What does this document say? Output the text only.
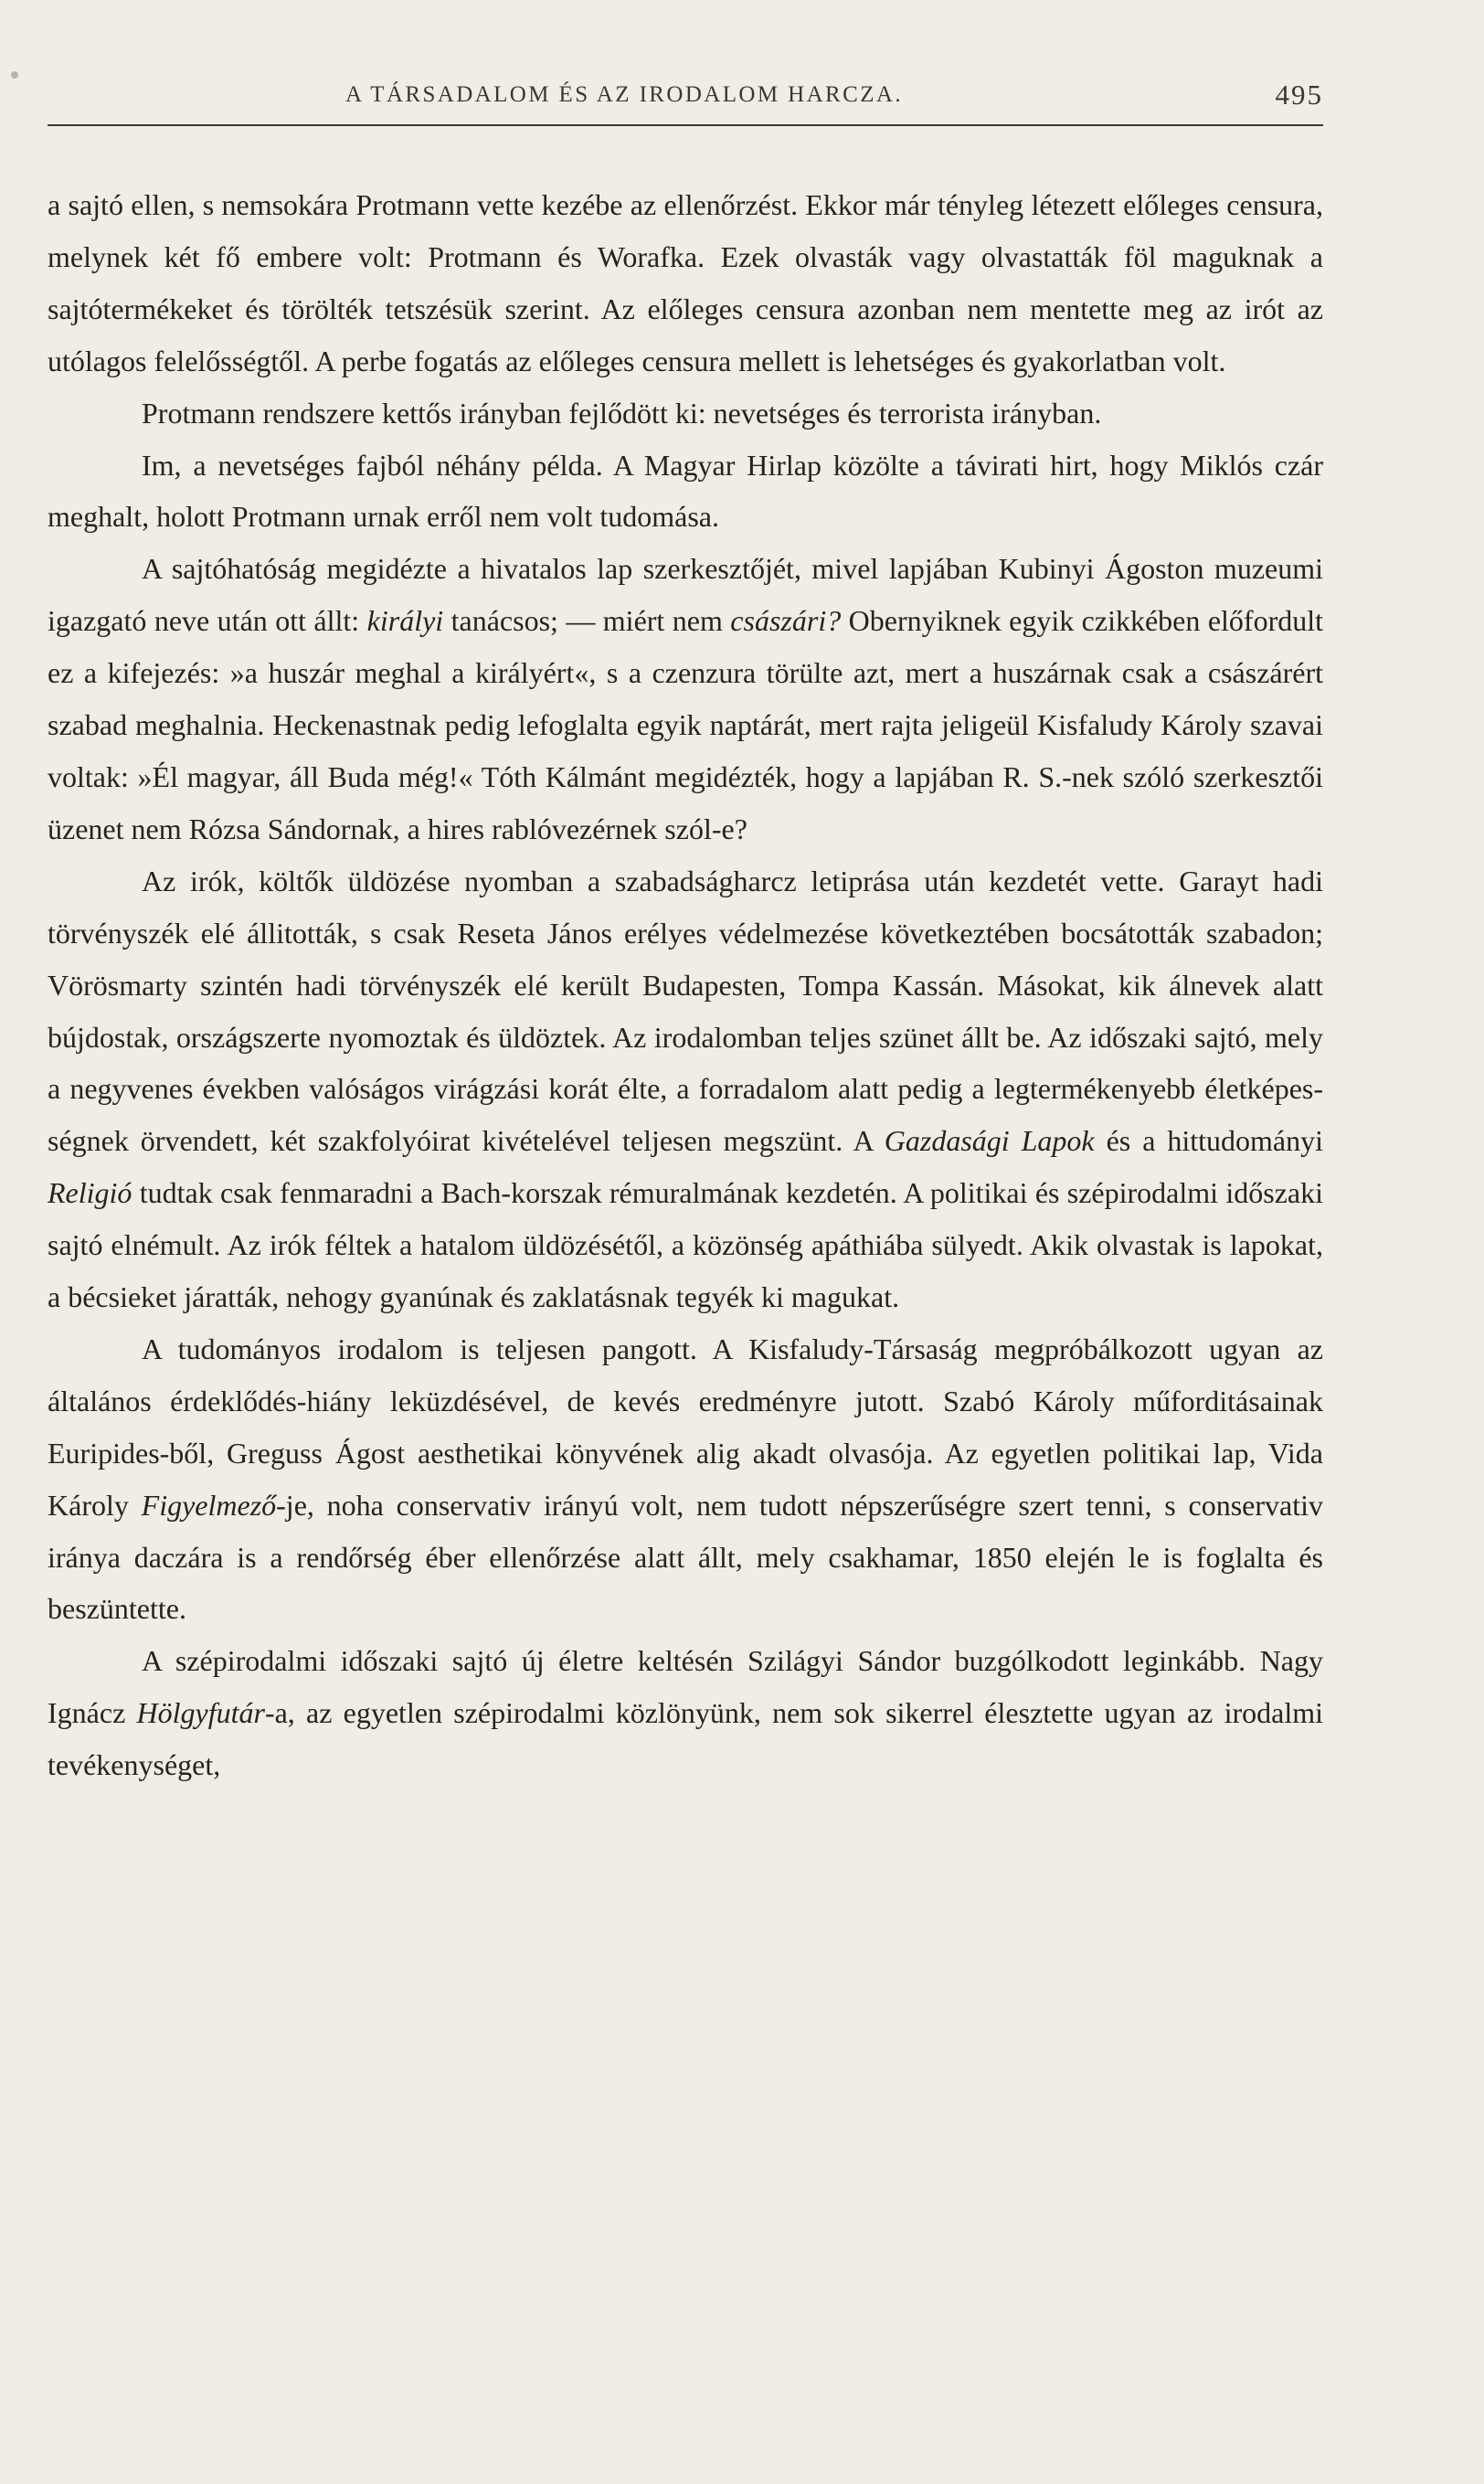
A TÁRSADALOM ÉS AZ IRODALOM HARCZA.	495

a sajtó ellen, s nemsokára Protmann vette kezébe az ellenőrzést. Ekkor már tényleg létezett előleges censura, melynek két fő embere volt: Protmann és Worafka. Ezek olvasták vagy olvastatták föl maguknak a sajtótermékeket és törölték tetszésük szerint. Az előleges censura azonban nem mentette meg az irót az utólagos felelősségtől. A perbe fogatás az előleges censura mellett is lehetséges és gyakorlatban volt.

Protmann rendszere kettős irányban fejlődött ki: nevetséges és terrorista irányban.

Im, a nevetséges fajból néhány példa. A Magyar Hirlap közölte a távirati hirt, hogy Miklós czár meghalt, holott Protmann urnak erről nem volt tudomása.

A sajtóhatóság megidézte a hivatalos lap szerkesztőjét, mivel lapjában Kubinyi Ágoston muzeumi igazgató neve után ott állt: királyi tanácsos; — miért nem császári? Obernyiknek egyik czikkében előfordult ez a kifejezés: »a huszár meghal a királyért«, s a czenzura törülte azt, mert a huszárnak csak a császárért szabad meghalnia. Heckenastnak pedig lefoglalta egyik naptárát, mert rajta jeligeül Kisfaludy Károly szavai voltak: »Él magyar, áll Buda még!« Tóth Kálmánt megidézték, hogy a lapjában R. S.-nek szóló szerkesztői üzenet nem Rózsa Sándornak, a hires rablóvezérnek szól-e?

Az irók, költők üldözése nyomban a szabadságharcz letiprása után kezdetét vette. Garayt hadi törvényszék elé állitották, s csak Reseta János erélyes védelmezése következtében bocsátották szabadon; Vörösmarty szintén hadi törvényszék elé került Budapesten, Tompa Kassán. Másokat, kik álnevek alatt bújdostak, országszerte nyomoztak és üldöztek. Az irodalomban teljes szünet állt be. Az időszaki sajtó, mely a negyvenes években valóságos virágzási korát élte, a forradalom alatt pedig a legtermékenyebb életképességnek örvendett, két szakfolyóirat kivételével teljesen megszünt. A Gazdasági Lapok és a hittudományi Religió tudtak csak fenmaradni a Bach-korszak rémuralmának kezdetén. A politikai és szépirodalmi időszaki sajtó elnémult. Az irók féltek a hatalom üldözésétől, a közönség apáthiába sülyedt. Akik olvastak is lapokat, a bécsieket járatták, nehogy gyanúnak és zaklatásnak tegyék ki magukat.

A tudományos irodalom is teljesen pangott. A Kisfaludy-Társaság megpróbálkozott ugyan az általános érdeklődés-hiány leküzdésével, de kevés eredményre jutott. Szabó Károly műforditásainak Euripides-ből, Greguss Ágost aesthetikai könyvének alig akadt olvasója. Az egyetlen politikai lap, Vida Károly Figyelmező-je, noha conservativ irányú volt, nem tudott népszerűségre szert tenni, s conservativ iránya daczára is a rendőrség éber ellenőrzése alatt állt, mely csakhamar, 1850 elején le is foglalta és beszüntette.

A szépirodalmi időszaki sajtó új életre keltésén Szilágyi Sándor buzgólkodott leginkább. Nagy Ignácz Hölgyfutár-a, az egyetlen szépirodalmi közlönyünk, nem sok sikerrel élesztette ugyan az irodalmi tevékenységet,
